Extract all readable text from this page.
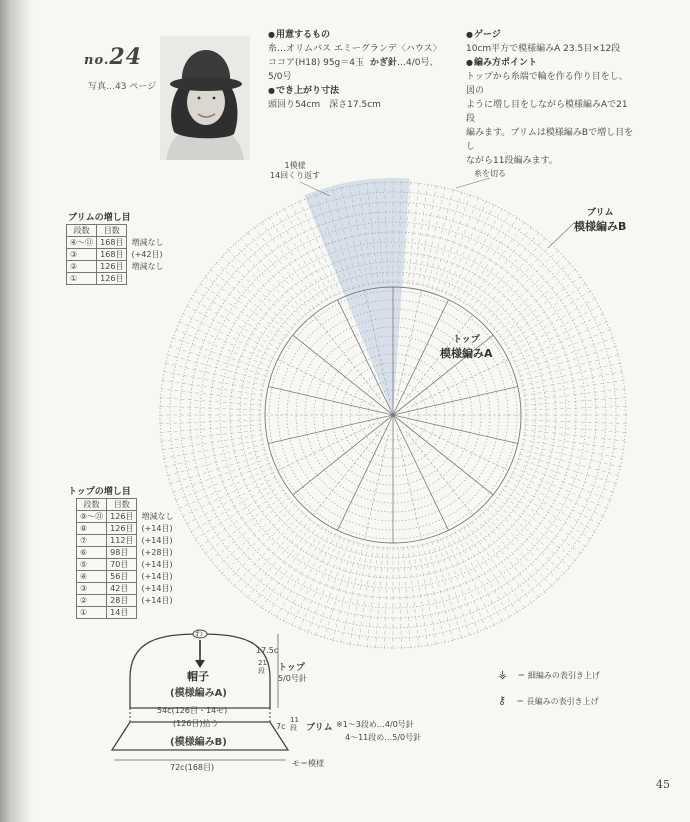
no.24
写真…43 ページ
● 用意するもの
糸…オリムパス エミーグランデ〈ハウス〉
ココア(H18) 95g＝4玉 かぎ針…4/0号、
5/0号
● でき上がり寸法
頭回り54cm　深さ17.5cm
● ゲージ
10cm平方で模様編みA 23.5目×12段
● 編み方ポイント
トップから糸端で輪を作る作り目をし、図の
ように増し目をしながら模様編みAで21段
編みます。ブリムは模様編みBで増し目をし
ながら11段編みます。
1模様
14回くり返す	糸を切る
ブリム
模様編みB
トップ
模様編みA
ブリムの増し目
段数	目数	
④～⑪	168目	増減なし
③	168目	(+42目)
②	126目	増減なし
①	126目	
トップの増し目
段数	目数	
⑨～㉑	126目	増減なし
⑧	126目	(+14目)
⑦	112目	(+14目)
⑥	98目	(+28目)
⑤	70目	(+14目)
④	56目	(+14目)
③	42目	(+14目)
②	28目	(+14目)
①	14目	
わ
帽子
(模様編みA)
54c(126目・14モ)
(126目)拾う
(模様編みB)
72c(168目)
17.5c
21段	トップ
5/0号針
7c
11段	ブリム ※1～3段め…4/0号針
4～11段め…5/0号針
モ＝模様
⚶ ＝ 細編みの表引き上げ
⚷ ＝ 長編みの表引き上げ
45
